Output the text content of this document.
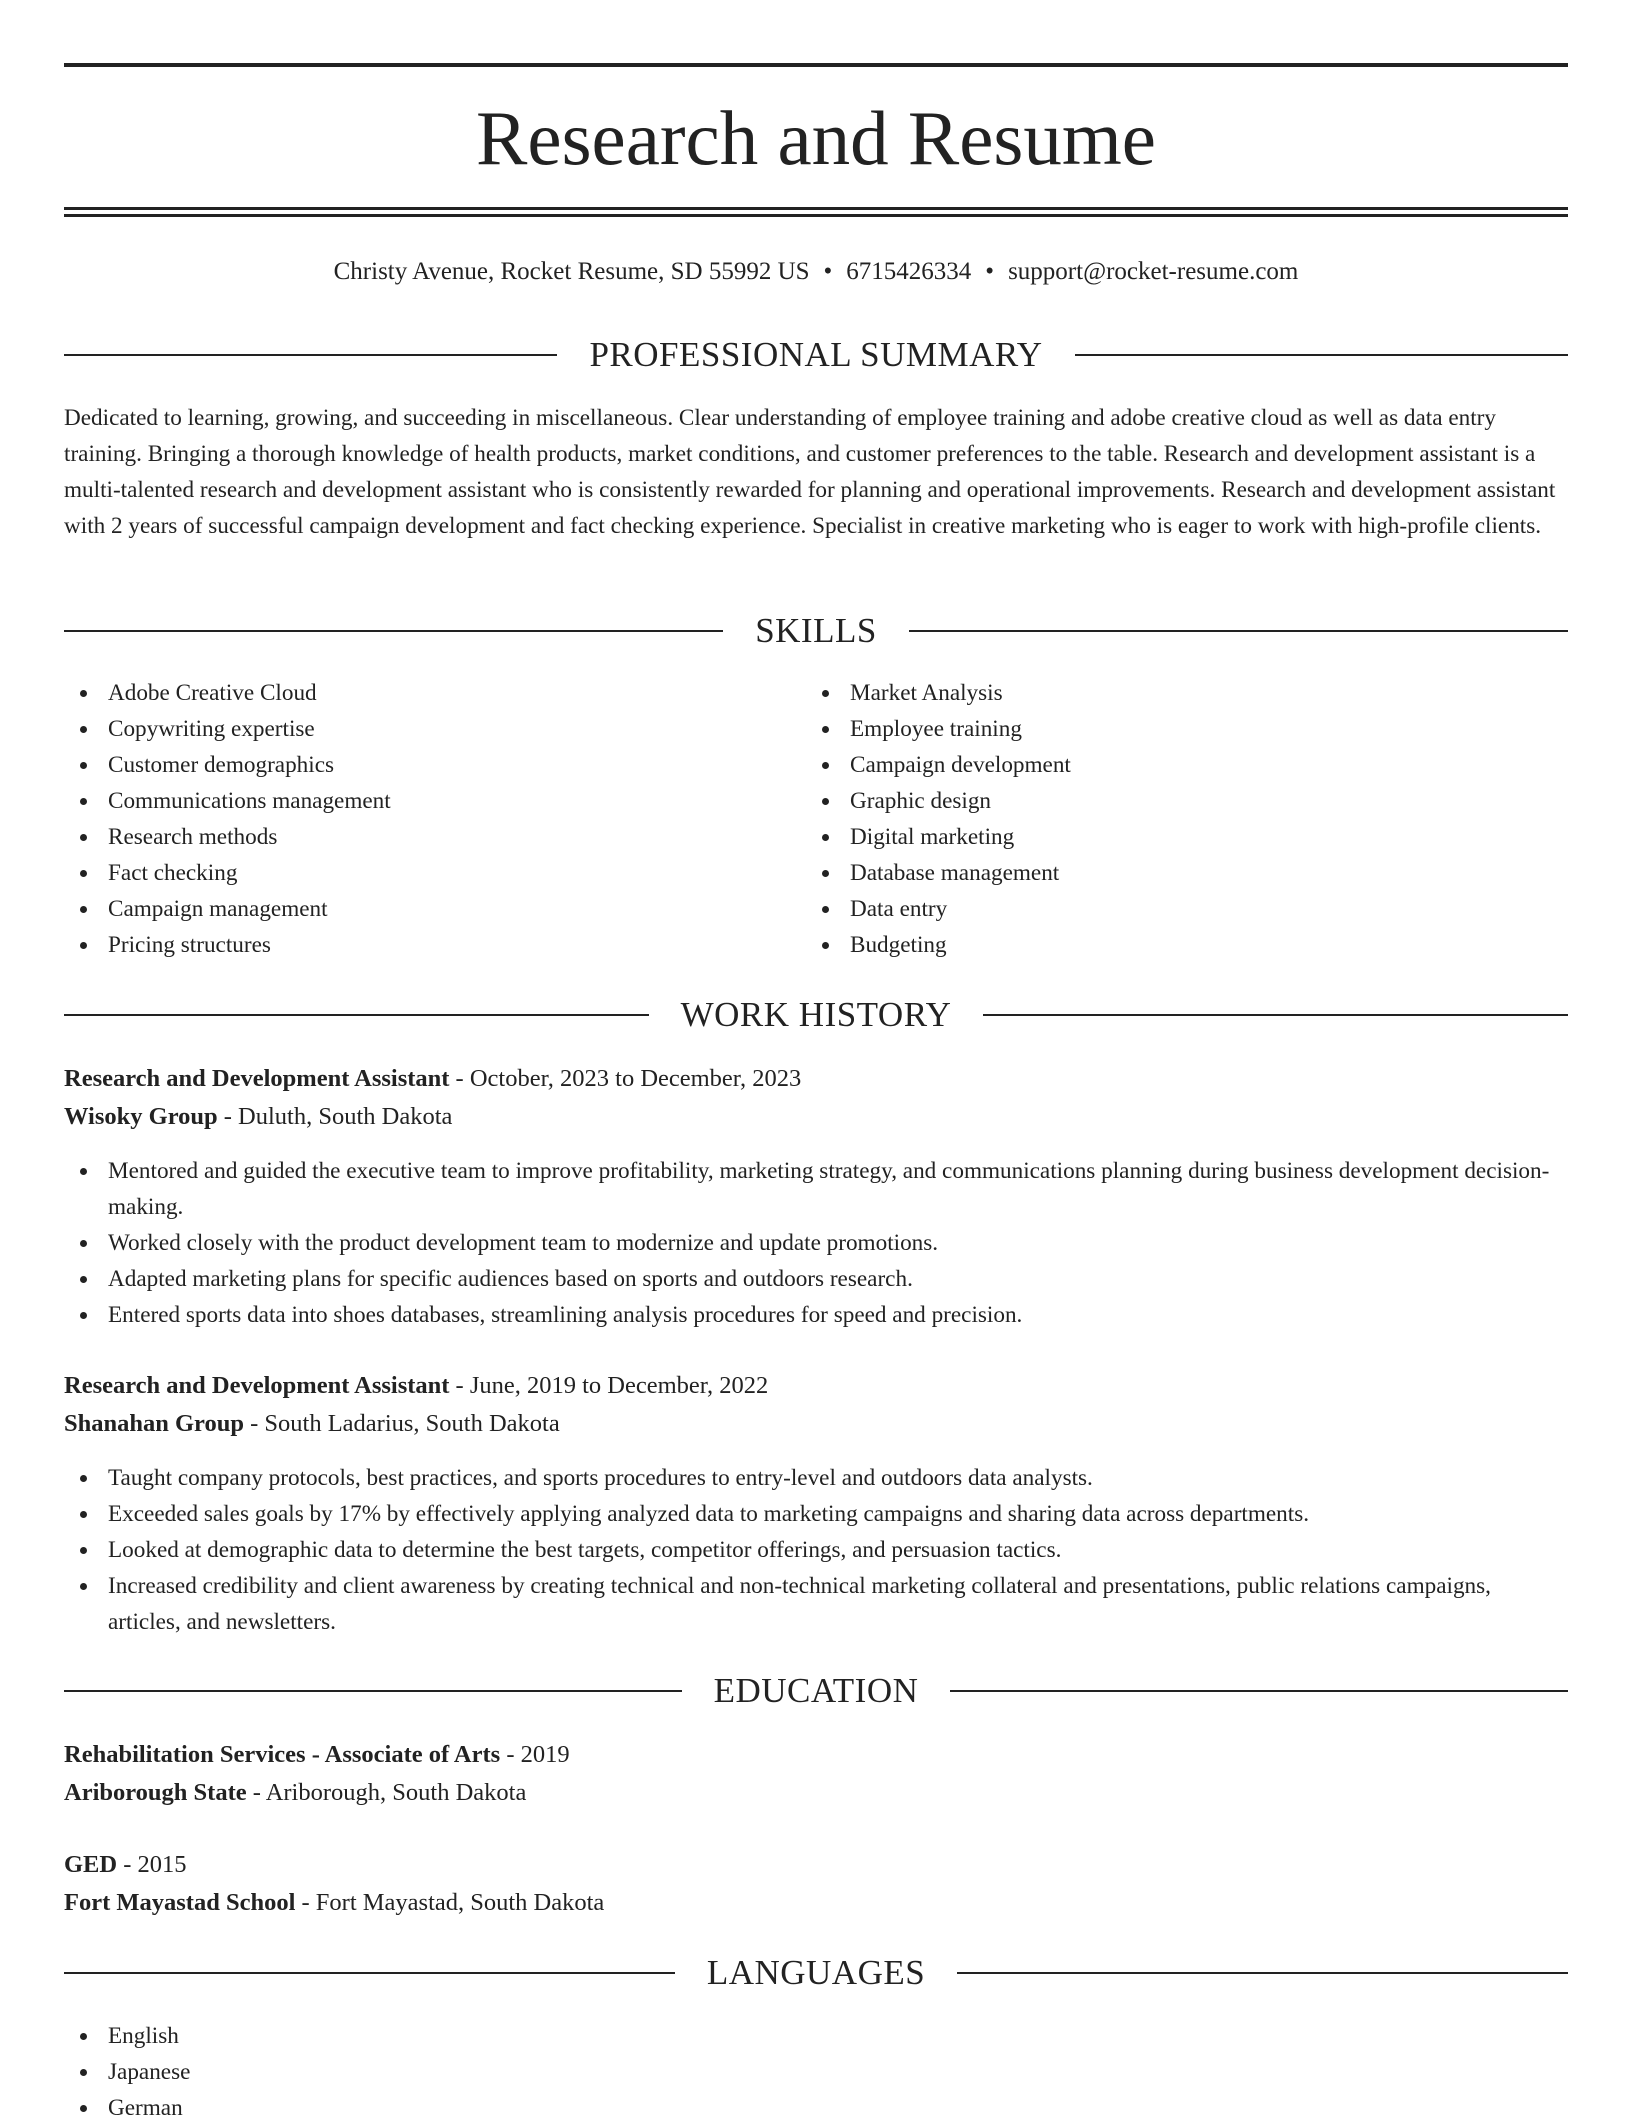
Research and Resume
Christy Avenue, Rocket Resume, SD 55992 US • 6715426334 • support@rocket-resume.com
PROFESSIONAL SUMMARY

Dedicated to learning, growing, and succeeding in miscellaneous. Clear understanding of employee training and adobe creative cloud as well as data entry training. Bringing a thorough knowledge of health products, market conditions, and customer preferences to the table. Research and development assistant is a multi-talented research and development assistant who is consistently rewarded for planning and operational improvements. Research and development assistant with 2 years of successful campaign development and fact checking experience. Specialist in creative marketing who is eager to work with high-profile clients.

SKILLS
Adobe Creative Cloud
Copywriting expertise
Customer demographics
Communications management
Research methods
Fact checking
Campaign management
Pricing structures
Market Analysis
Employee training
Campaign development
Graphic design
Digital marketing
Database management
Data entry
Budgeting
WORK HISTORY
Research and Development Assistant - October, 2023 to December, 2023
Wisoky Group - Duluth, South Dakota
Mentored and guided the executive team to improve profitability, marketing strategy, and communications planning during business development decision-making.
Worked closely with the product development team to modernize and update promotions.
Adapted marketing plans for specific audiences based on sports and outdoors research.
Entered sports data into shoes databases, streamlining analysis procedures for speed and precision.
Research and Development Assistant - June, 2019 to December, 2022
Shanahan Group - South Ladarius, South Dakota
Taught company protocols, best practices, and sports procedures to entry-level and outdoors data analysts.
Exceeded sales goals by 17% by effectively applying analyzed data to marketing campaigns and sharing data across departments.
Looked at demographic data to determine the best targets, competitor offerings, and persuasion tactics.
Increased credibility and client awareness by creating technical and non-technical marketing collateral and presentations, public relations campaigns, articles, and newsletters.
EDUCATION
Rehabilitation Services - Associate of Arts - 2019
Ariborough State - Ariborough, South Dakota
GED - 2015
Fort Mayastad School - Fort Mayastad, South Dakota
LANGUAGES
English
Japanese
German
